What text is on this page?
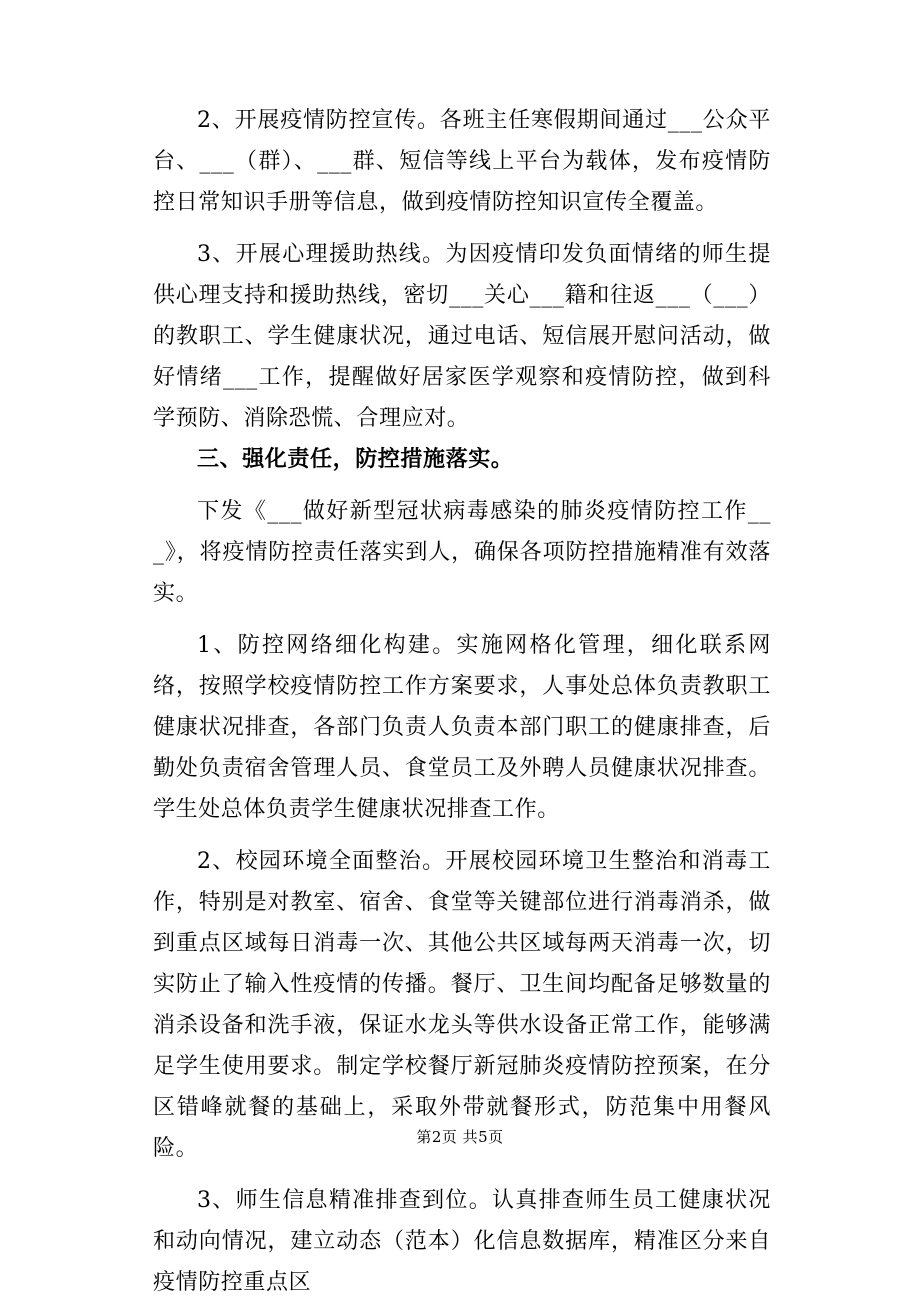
2、开展疫情防控宣传。各班主任寒假期间通过___公众平台、___（群）、___群、短信等线上平台为载体，发布疫情防控日常知识手册等信息，做到疫情防控知识宣传全覆盖。

3、开展心理援助热线。为因疫情印发负面情绪的师生提供心理支持和援助热线，密切___关心___籍和往返___（___）的教职工、学生健康状况，通过电话、短信展开慰问活动，做好情绪___工作，提醒做好居家医学观察和疫情防控，做到科学预防、消除恐慌、合理应对。

三、强化责任，防控措施落实。

下发《___做好新型冠状病毒感染的肺炎疫情防控工作___》，将疫情防控责任落实到人，确保各项防控措施精准有效落实。

1、防控网络细化构建。实施网格化管理，细化联系网络，按照学校疫情防控工作方案要求，人事处总体负责教职工健康状况排查，各部门负责人负责本部门职工的健康排查，后勤处负责宿舍管理人员、食堂员工及外聘人员健康状况排查。学生处总体负责学生健康状况排查工作。

2、校园环境全面整治。开展校园环境卫生整治和消毒工作，特别是对教室、宿舍、食堂等关键部位进行消毒消杀，做到重点区域每日消毒一次、其他公共区域每两天消毒一次，切实防止了输入性疫情的传播。餐厅、卫生间均配备足够数量的消杀设备和洗手液，保证水龙头等供水设备正常工作，能够满足学生使用要求。制定学校餐厅新冠肺炎疫情防控预案，在分区错峰就餐的基础上，采取外带就餐形式，防范集中用餐风险。

3、师生信息精准排查到位。认真排查师生员工健康状况和动向情况，建立动态（范本）化信息数据库，精准区分来自疫情防控重点区

第2页 共5页
